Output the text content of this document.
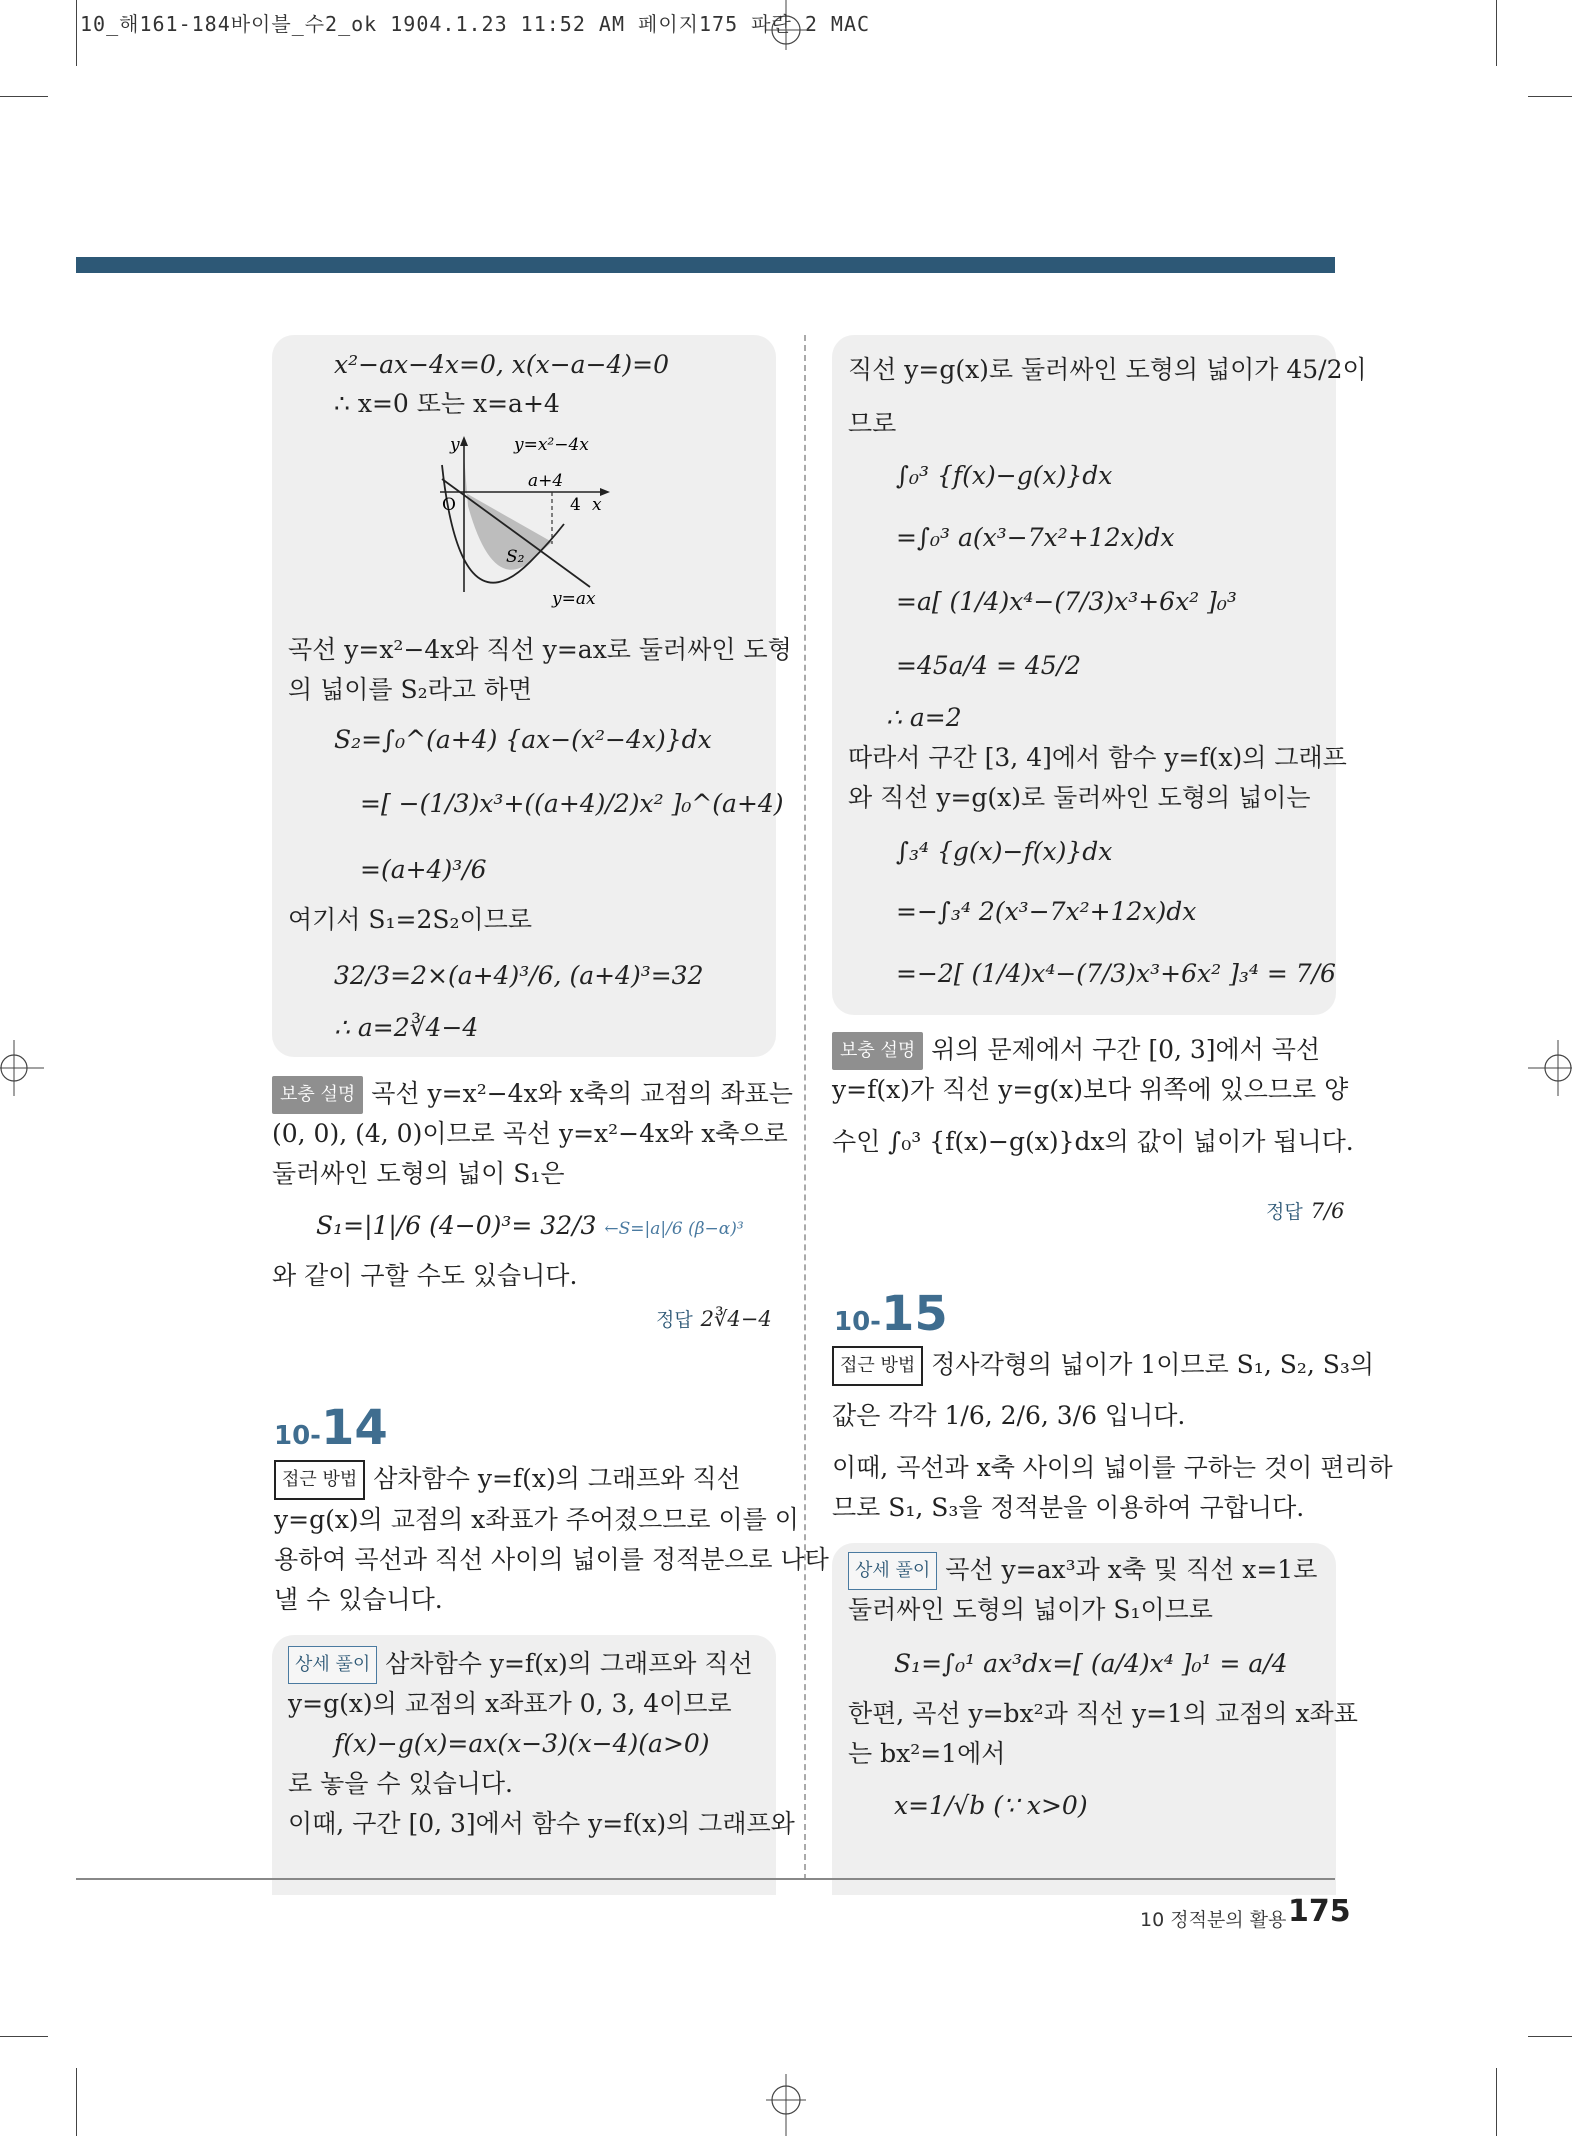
10_해161-184바이블_수2_ok 1904.1.23 11:52 AM 페이지175 파란 2 MAC
x²−ax−4x=0, x(x−a−4)=0
∴ x=0 또는 x=a+4
y	y=x²−4x
a+4
O	4 x
S₂
y=ax
곡선 y=x²−4x와 직선 y=ax로 둘러싸인 도형
의 넓이를 S₂라고 하면
S₂=∫₀^(a+4) {ax−(x²−4x)}dx
=[ −(1/3)x³+((a+4)/2)x² ]₀^(a+4)
=(a+4)³/6
여기서 S₁=2S₂이므로
32/3=2×(a+4)³/6, (a+4)³=32
∴ a=2∛4−4
보충 설명 곡선 y=x²−4x와 x축의 교점의 좌표는
(0, 0), (4, 0)이므로 곡선 y=x²−4x와 x축으로
둘러싸인 도형의 넓이 S₁은
S₁=|1|/6 (4−0)³= 32/3 ←S=|a|/6 (β−α)³
와 같이 구할 수도 있습니다.
정답 2∛4−4
10-14
접근 방법 삼차함수 y=f(x)의 그래프와 직선
y=g(x)의 교점의 x좌표가 주어졌으므로 이를 이
용하여 곡선과 직선 사이의 넓이를 정적분으로 나타
낼 수 있습니다.
상세 풀이 삼차함수 y=f(x)의 그래프와 직선
y=g(x)의 교점의 x좌표가 0, 3, 4이므로
f(x)−g(x)=ax(x−3)(x−4)(a>0)
로 놓을 수 있습니다.
이때, 구간 [0, 3]에서 함수 y=f(x)의 그래프와
직선 y=g(x)로 둘러싸인 도형의 넓이가 45/2이
므로
∫₀³ {f(x)−g(x)}dx
=∫₀³ a(x³−7x²+12x)dx
=a[ (1/4)x⁴−(7/3)x³+6x² ]₀³
=45a/4 = 45/2
∴ a=2
따라서 구간 [3, 4]에서 함수 y=f(x)의 그래프
와 직선 y=g(x)로 둘러싸인 도형의 넓이는
∫₃⁴ {g(x)−f(x)}dx
=−∫₃⁴ 2(x³−7x²+12x)dx
=−2[ (1/4)x⁴−(7/3)x³+6x² ]₃⁴ = 7/6
보충 설명 위의 문제에서 구간 [0, 3]에서 곡선
y=f(x)가 직선 y=g(x)보다 위쪽에 있으므로 양
수인 ∫₀³ {f(x)−g(x)}dx의 값이 넓이가 됩니다.
정답 7/6
10-15
접근 방법 정사각형의 넓이가 1이므로 S₁, S₂, S₃의
값은 각각 1/6, 2/6, 3/6 입니다.
이때, 곡선과 x축 사이의 넓이를 구하는 것이 편리하
므로 S₁, S₃을 정적분을 이용하여 구합니다.
상세 풀이 곡선 y=ax³과 x축 및 직선 x=1로
둘러싸인 도형의 넓이가 S₁이므로
S₁=∫₀¹ ax³dx=[ (a/4)x⁴ ]₀¹ = a/4
한편, 곡선 y=bx²과 직선 y=1의 교점의 x좌표
는 bx²=1에서
x=1/√b (∵ x>0)
10 정적분의 활용 175
